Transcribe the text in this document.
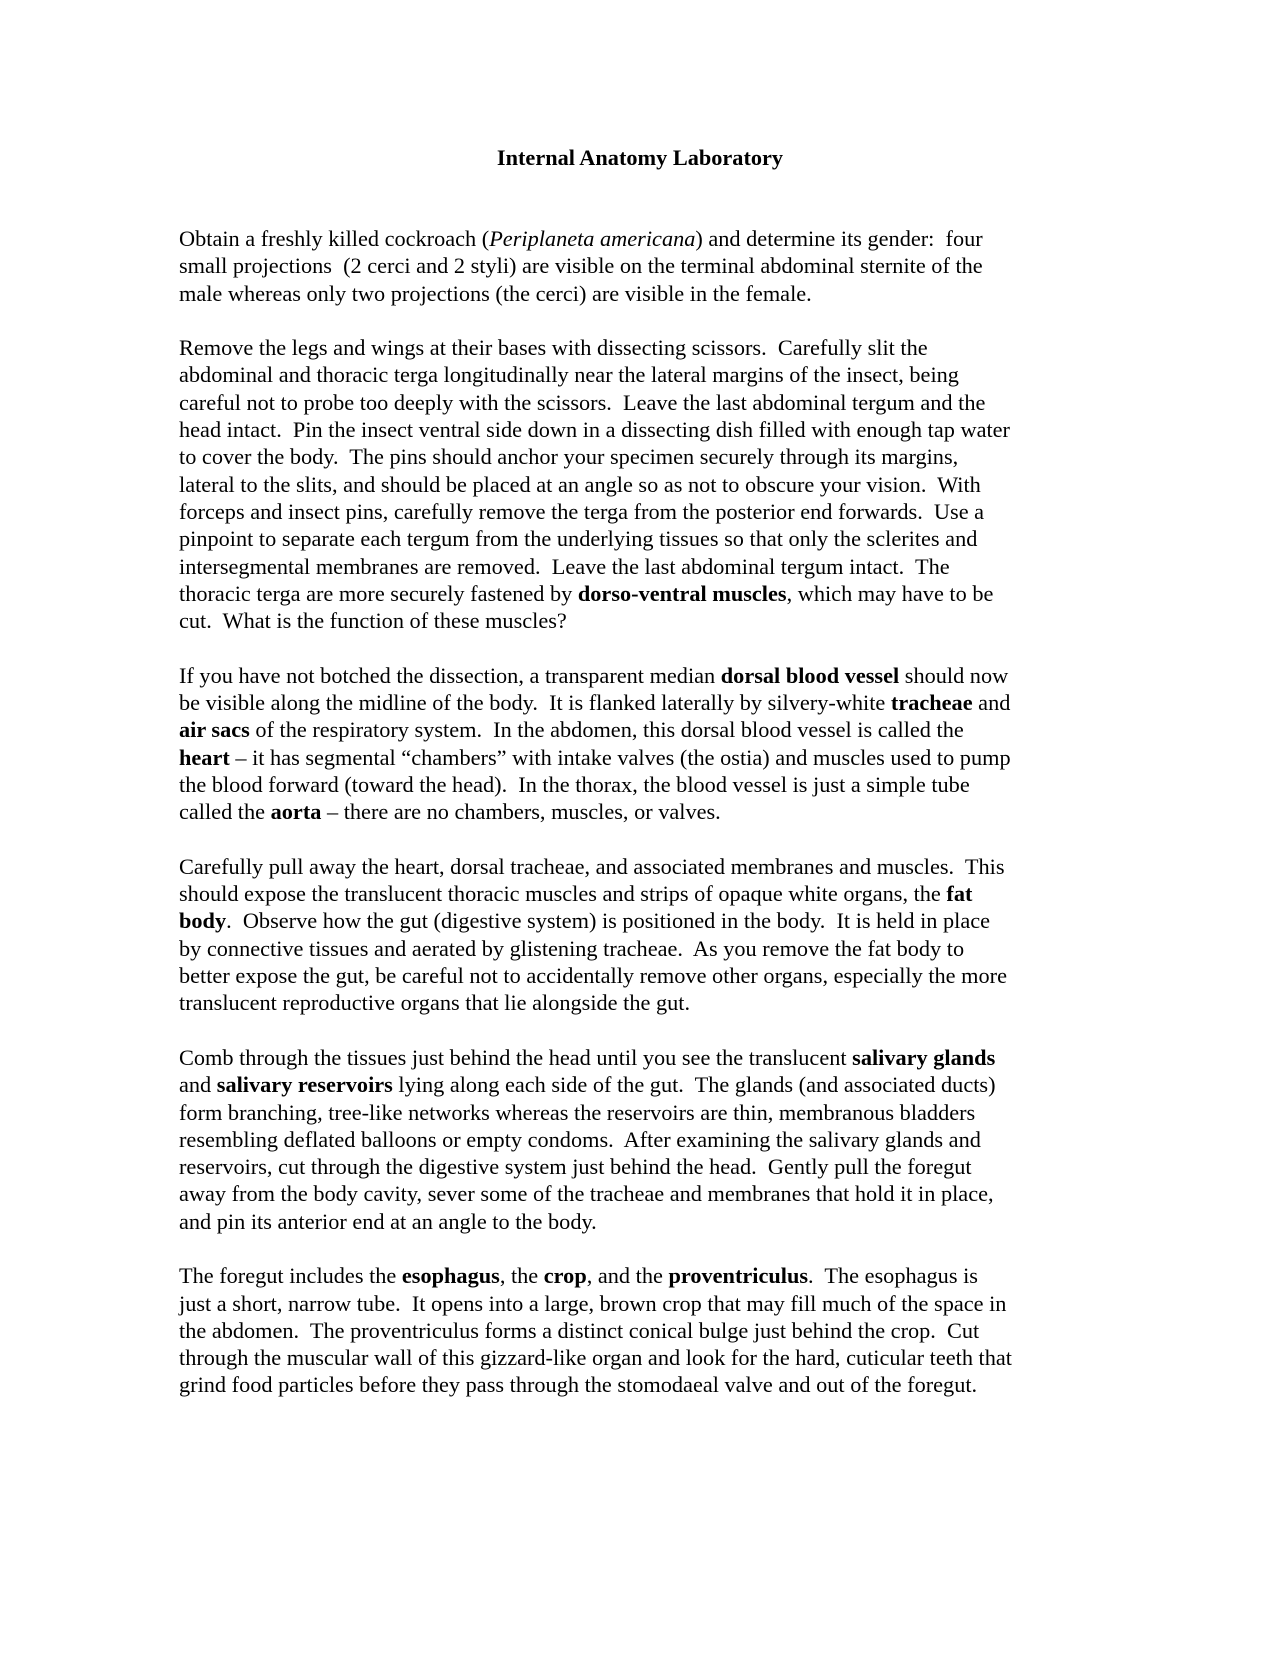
Internal Anatomy Laboratory
Obtain a freshly killed cockroach (Periplaneta americana) and determine its gender:  four
small projections  (2 cerci and 2 styli) are visible on the terminal abdominal sternite of the
male whereas only two projections (the cerci) are visible in the female.
Remove the legs and wings at their bases with dissecting scissors.  Carefully slit the
abdominal and thoracic terga longitudinally near the lateral margins of the insect, being
careful not to probe too deeply with the scissors.  Leave the last abdominal tergum and the
head intact.  Pin the insect ventral side down in a dissecting dish filled with enough tap water
to cover the body.  The pins should anchor your specimen securely through its margins,
lateral to the slits, and should be placed at an angle so as not to obscure your vision.  With
forceps and insect pins, carefully remove the terga from the posterior end forwards.  Use a
pinpoint to separate each tergum from the underlying tissues so that only the sclerites and
intersegmental membranes are removed.  Leave the last abdominal tergum intact.  The
thoracic terga are more securely fastened by dorso-ventral muscles, which may have to be
cut.  What is the function of these muscles?
If you have not botched the dissection, a transparent median dorsal blood vessel should now
be visible along the midline of the body.  It is flanked laterally by silvery-white tracheae and
air sacs of the respiratory system.  In the abdomen, this dorsal blood vessel is called the
heart – it has segmental “chambers” with intake valves (the ostia) and muscles used to pump
the blood forward (toward the head).  In the thorax, the blood vessel is just a simple tube
called the aorta – there are no chambers, muscles, or valves.
Carefully pull away the heart, dorsal tracheae, and associated membranes and muscles.  This
should expose the translucent thoracic muscles and strips of opaque white organs, the fat
body.  Observe how the gut (digestive system) is positioned in the body.  It is held in place
by connective tissues and aerated by glistening tracheae.  As you remove the fat body to
better expose the gut, be careful not to accidentally remove other organs, especially the more
translucent reproductive organs that lie alongside the gut.
Comb through the tissues just behind the head until you see the translucent salivary glands
and salivary reservoirs lying along each side of the gut.  The glands (and associated ducts)
form branching, tree-like networks whereas the reservoirs are thin, membranous bladders
resembling deflated balloons or empty condoms.  After examining the salivary glands and
reservoirs, cut through the digestive system just behind the head.  Gently pull the foregut
away from the body cavity, sever some of the tracheae and membranes that hold it in place,
and pin its anterior end at an angle to the body.
The foregut includes the esophagus, the crop, and the proventriculus.  The esophagus is
just a short, narrow tube.  It opens into a large, brown crop that may fill much of the space in
the abdomen.  The proventriculus forms a distinct conical bulge just behind the crop.  Cut
through the muscular wall of this gizzard-like organ and look for the hard, cuticular teeth that
grind food particles before they pass through the stomodaeal valve and out of the foregut.
